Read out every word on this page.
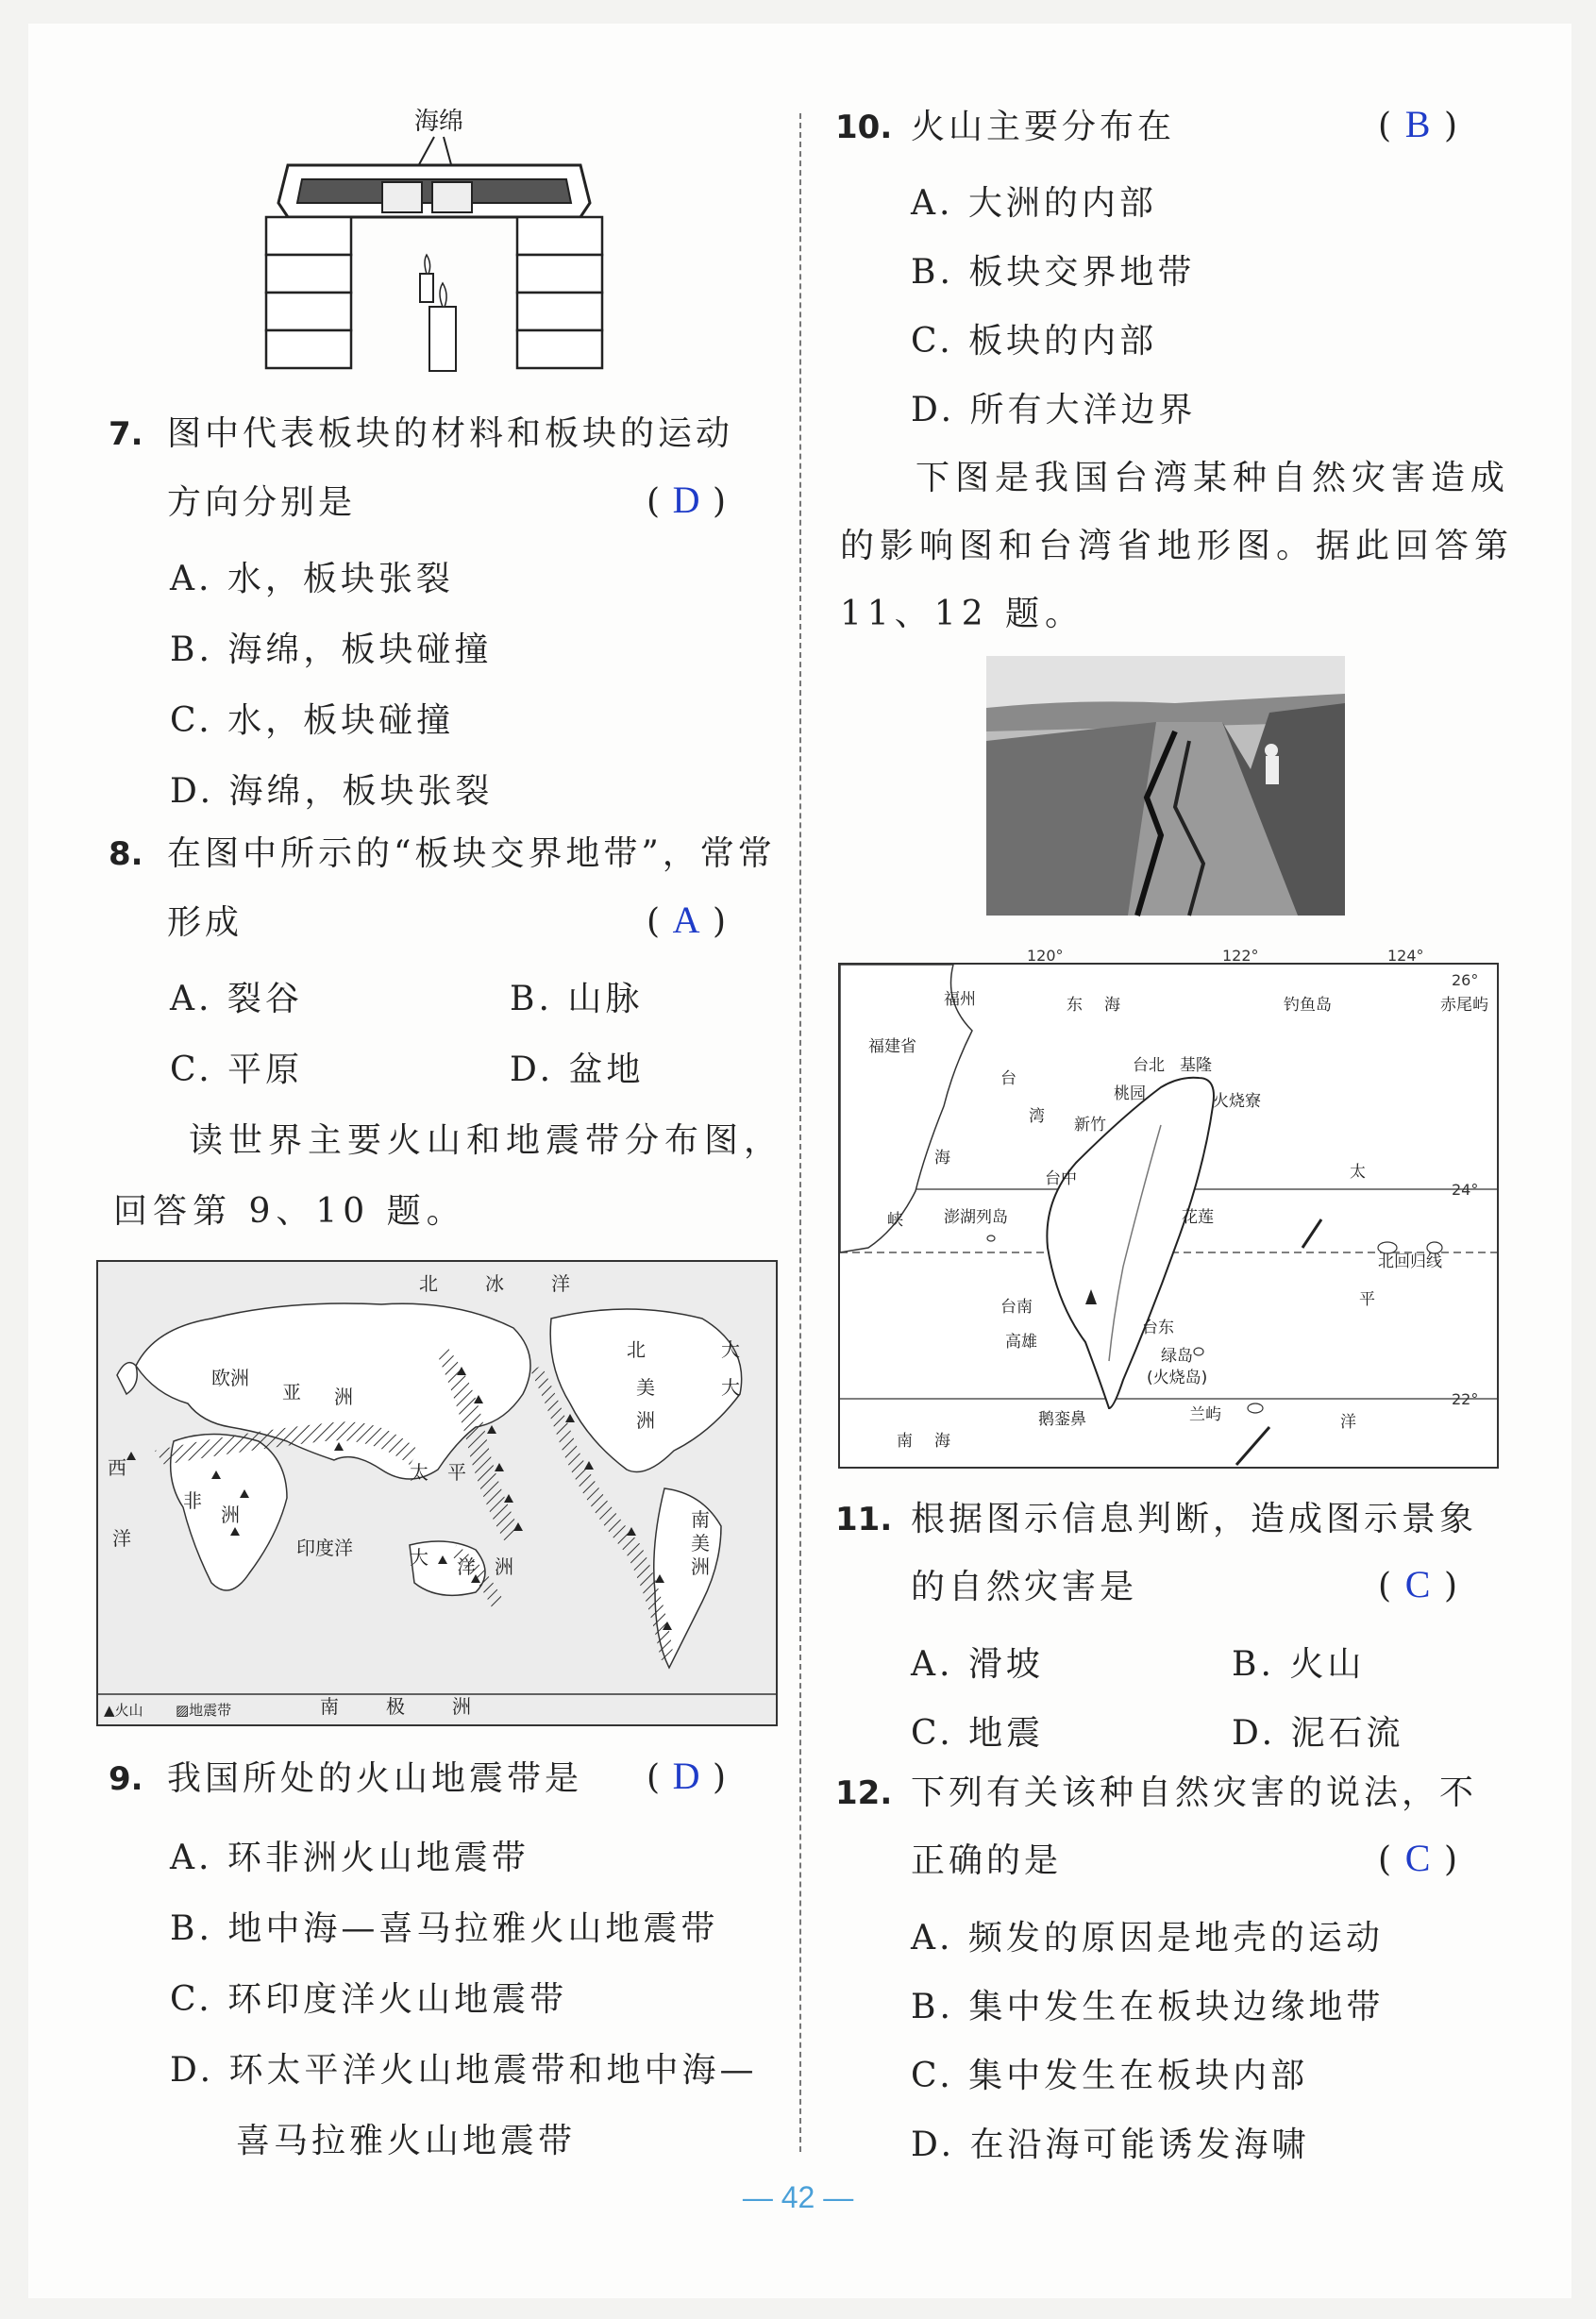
海绵
7. 图中代表板块的材料和板块的运动
方向分别是	( D )
A. 水，板块张裂
B. 海绵，板块碰撞
C. 水，板块碰撞
D. 海绵，板块张裂
8. 在图中所示的“板块交界地带”，常常
形成	( A )
A. 裂谷	B. 山脉
C. 平原	D. 盆地
读世界主要火山和地震带分布图，
回答第 9、10 题。
北	冰	洋
欧洲
亚 洲
北
美
洲
大
太 平
西
非
洲
洋	印度洋	大 洋 洲
南
美
洲
大
南	极	洲
▲火山 ▨地震带
9. 我国所处的火山地震带是 ( D )
A. 环非洲火山地震带
B. 地中海—喜马拉雅火山地震带
C. 环印度洋火山地震带
D. 环太平洋火山地震带和地中海—
喜马拉雅火山地震带
10. 火山主要分布在	( B )
A. 大洲的内部
B. 板块交界地带
C. 板块的内部
D. 所有大洋边界
下图是我国台湾某种自然灾害造成
的影响图和台湾省地形图。据此回答第
11、12 题。
120°	122°	124°
福州	东 海	钓鱼岛	赤尾屿
福建省
台
湾
海
峡
台北 基隆
桃园
新竹
火烧寮
台中
澎湖列岛	花莲
北回归线
太
平
洋
台南
高雄
台东
绿岛
(火烧岛)
鹅銮鼻	兰屿
南 海
26°
24°
22°
11. 根据图示信息判断，造成图示景象
的自然灾害是	( C )
A. 滑坡	B. 火山
C. 地震	D. 泥石流
12. 下列有关该种自然灾害的说法，不
正确的是	( C )
A. 频发的原因是地壳的运动
B. 集中发生在板块边缘地带
C. 集中发生在板块内部
D. 在沿海可能诱发海啸
— 42 —
